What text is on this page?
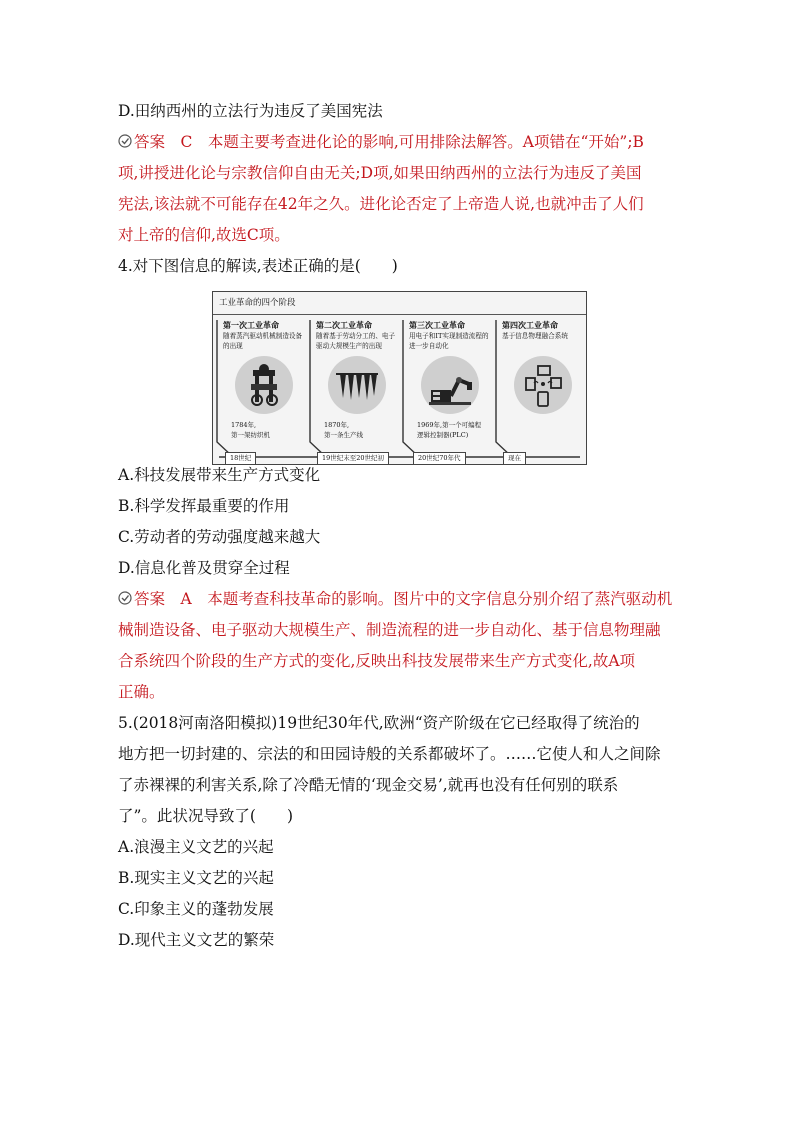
D.田纳西州的立法行为违反了美国宪法
答案　C　本题主要考查进化论的影响,可用排除法解答。A项错在“开始”;B
项,讲授进化论与宗教信仰自由无关;D项,如果田纳西州的立法行为违反了美国
宪法,该法就不可能存在42年之久。进化论否定了上帝造人说,也就冲击了人们
对上帝的信仰,故选C项。
4.对下图信息的解读,表述正确的是(　　)
A.科技发展带来生产方式变化
B.科学发挥最重要的作用
C.劳动者的劳动强度越来越大
D.信息化普及贯穿全过程
答案　A　本题考查科技革命的影响。图片中的文字信息分别介绍了蒸汽驱动机
械制造设备、电子驱动大规模生产、制造流程的进一步自动化、基于信息物理融
合系统四个阶段的生产方式的变化,反映出科技发展带来生产方式变化,故A项
正确。
5.(2018河南洛阳模拟)19世纪30年代,欧洲“资产阶级在它已经取得了统治的
地方把一切封建的、宗法的和田园诗般的关系都破坏了。……它使人和人之间除
了赤裸裸的利害关系,除了冷酷无情的‘现金交易’,就再也没有任何别的联系
了”。此状况导致了(　　)
A.浪漫主义文艺的兴起
B.现实主义文艺的兴起
C.印象主义的蓬勃发展
D.现代主义文艺的繁荣
工业革命的四个阶段
第一次工业革命
随着蒸汽驱动机械制造设备的出现
1784年,
第一架纺织机
第二次工业革命
随着基于劳动分工的、电子驱动大规模生产的出现
1870年,
第一条生产线
第三次工业革命
用电子和IT实现制造流程的进一步自动化
1969年,第一个可编程
逻辑控制器(PLC)
第四次工业革命
基于信息物理融合系统
18世纪	19世纪末至20世纪初	20世纪70年代	现在
